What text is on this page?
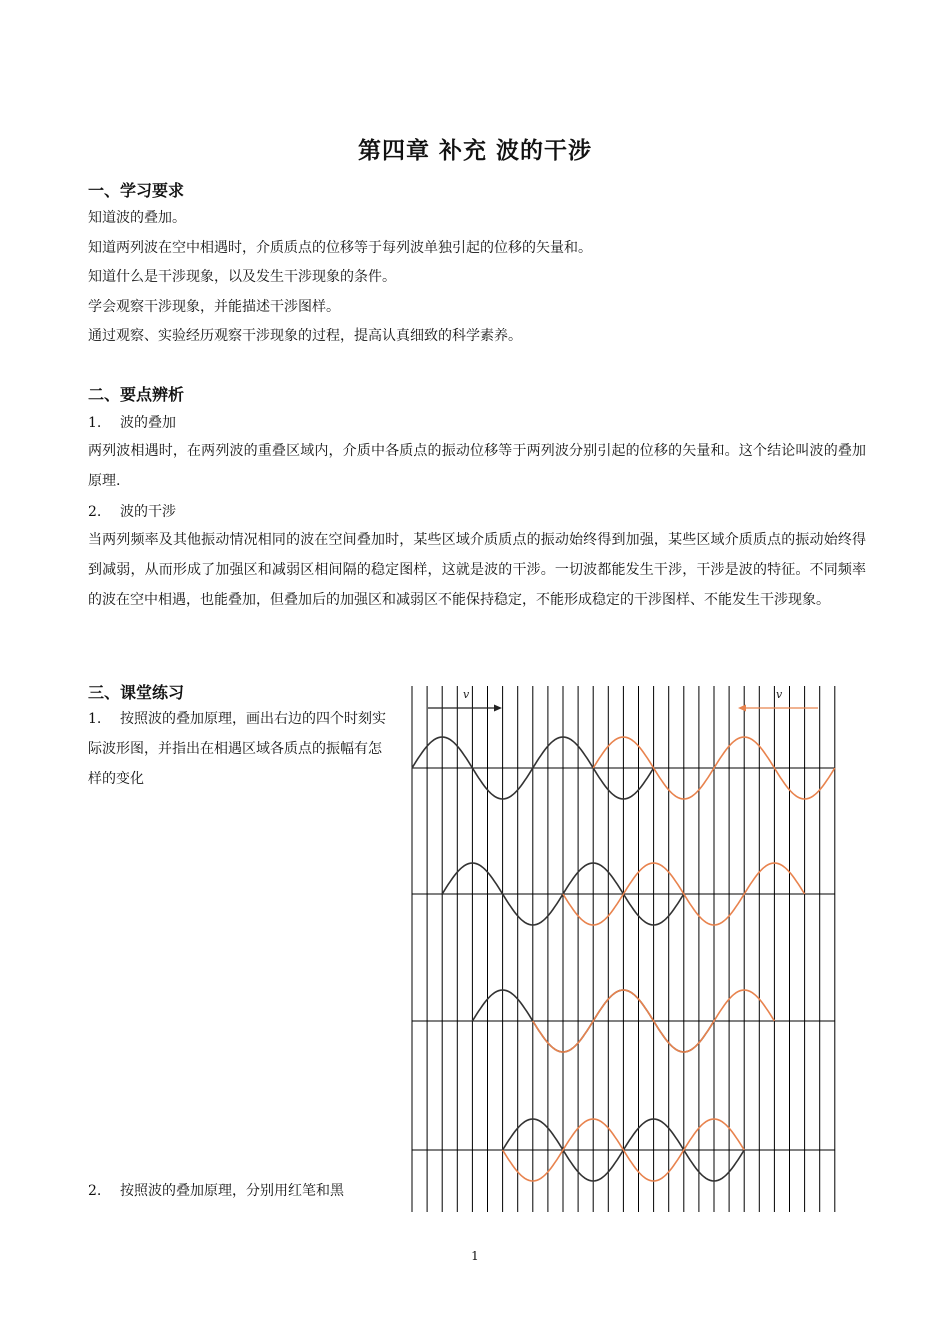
第四章 补充 波的干涉
一、学习要求
知道波的叠加。
知道两列波在空中相遇时，介质质点的位移等于每列波单独引起的位移的矢量和。
知道什么是干涉现象，以及发生干涉现象的条件。
学会观察干涉现象，并能描述干涉图样。
通过观察、实验经历观察干涉现象的过程，提高认真细致的科学素养。
二、要点辨析
1. 波的叠加
两列波相遇时，在两列波的重叠区域内，介质中各质点的振动位移等于两列波分别引起的位移的矢量和。这个结论叫波的叠加原理.
2. 波的干涉
当两列频率及其他振动情况相同的波在空间叠加时，某些区域介质质点的振动始终得到加强，某些区域介质质点的振动始终得到减弱，从而形成了加强区和减弱区相间隔的稳定图样，这就是波的干涉。一切波都能发生干涉，干涉是波的特征。不同频率的波在空中相遇，也能叠加，但叠加后的加强区和减弱区不能保持稳定，不能形成稳定的干涉图样、不能发生干涉现象。
三、课堂练习
1. 按照波的叠加原理，画出右边的四个时刻实际波形图，并指出在相遇区域各质点的振幅有怎样的变化
2. 按照波的叠加原理，分别用红笔和黑
v	v
1
